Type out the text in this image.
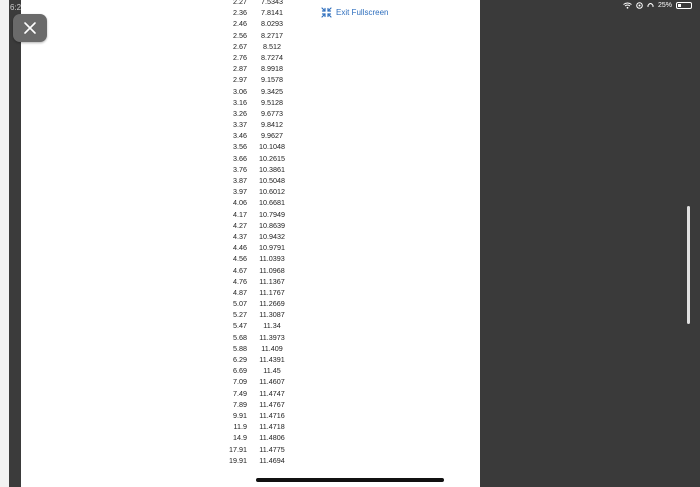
25%
6:2
Exit Fullscreen
2.27	7.5343
2.36	7.8141
2.46	8.0293
2.56	8.2717
2.67	8.512
2.76	8.7274
2.87	8.9918
2.97	9.1578
3.06	9.3425
3.16	9.5128
3.26	9.6773
3.37	9.8412
3.46	9.9627
3.56	10.1048
3.66	10.2615
3.76	10.3861
3.87	10.5048
3.97	10.6012
4.06	10.6681
4.17	10.7949
4.27	10.8639
4.37	10.9432
4.46	10.9791
4.56	11.0393
4.67	11.0968
4.76	11.1367
4.87	11.1767
5.07	11.2669
5.27	11.3087
5.47	11.34
5.68	11.3973
5.88	11.409
6.29	11.4391
6.69	11.45
7.09	11.4607
7.49	11.4747
7.89	11.4767
9.91	11.4716
11.9	11.4718
14.9	11.4806
17.91	11.4775
19.91	11.4694
